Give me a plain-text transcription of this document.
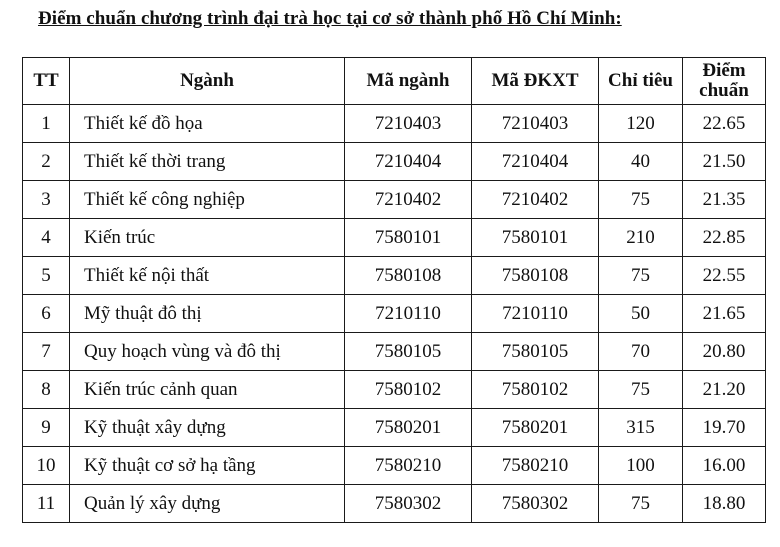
Điểm chuẩn chương trình đại trà học tại cơ sở thành phố Hồ Chí Minh:
TT	Ngành	Mã ngành	Mã ĐKXT	Chỉ tiêu	Điểm
chuẩn
1	Thiết kế đồ họa	7210403	7210403	120	22.65
2	Thiết kế thời trang	7210404	7210404	40	21.50
3	Thiết kế công nghiệp	7210402	7210402	75	21.35
4	Kiến trúc	7580101	7580101	210	22.85
5	Thiết kế nội thất	7580108	7580108	75	22.55
6	Mỹ thuật đô thị	7210110	7210110	50	21.65
7	Quy hoạch vùng và đô thị	7580105	7580105	70	20.80
8	Kiến trúc cảnh quan	7580102	7580102	75	21.20
9	Kỹ thuật xây dựng	7580201	7580201	315	19.70
10	Kỹ thuật cơ sở hạ tầng	7580210	7580210	100	16.00
11	Quản lý xây dựng	7580302	7580302	75	18.80
